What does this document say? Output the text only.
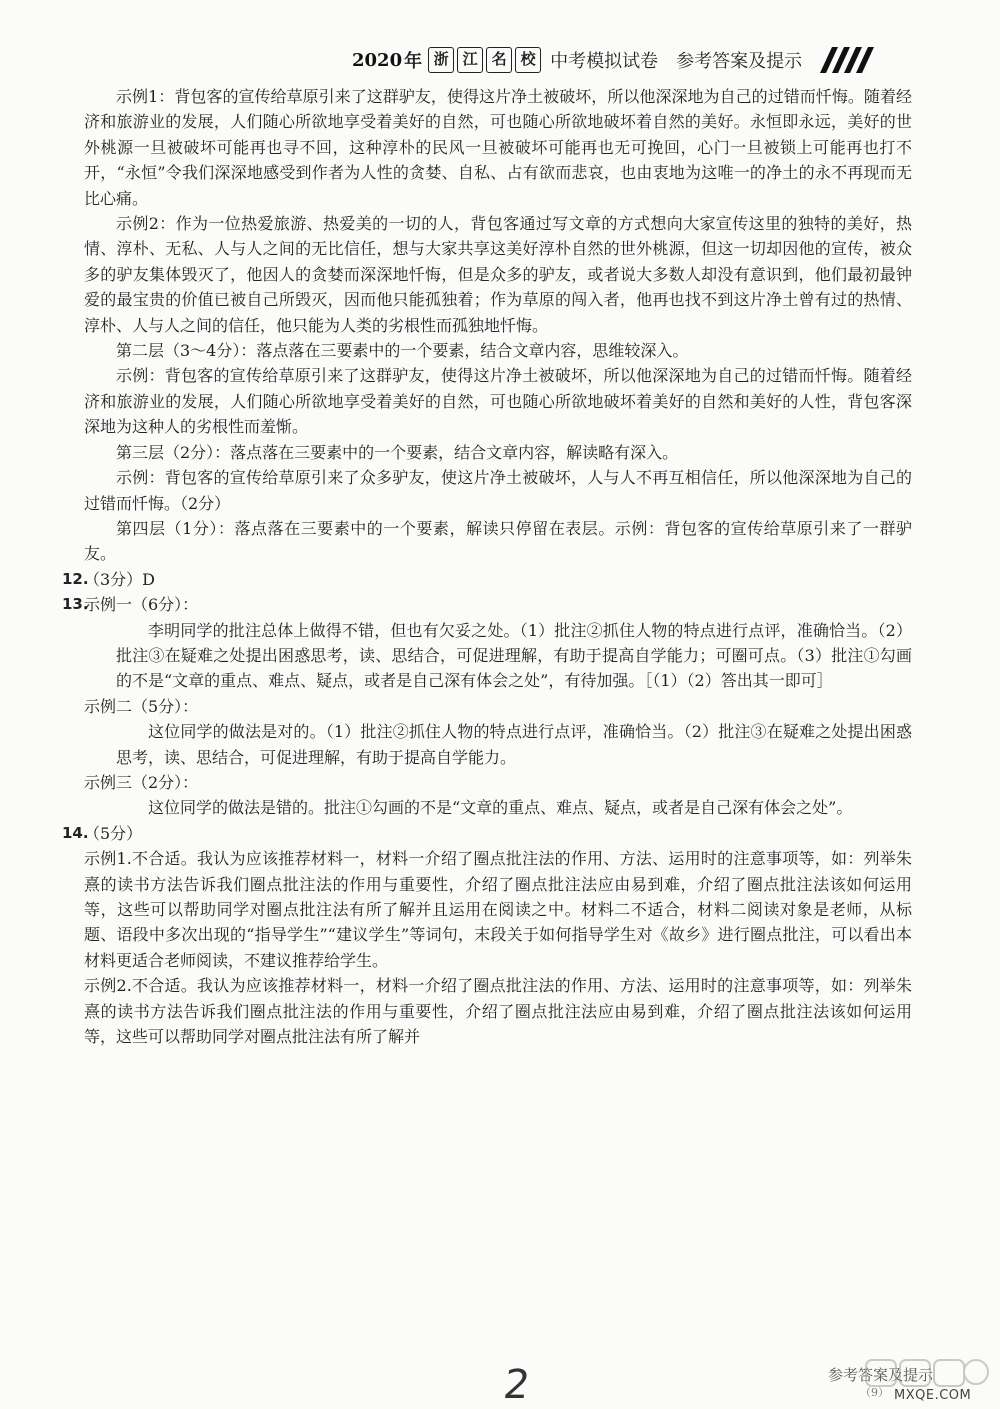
2020 年 浙 江 名 校 中考模拟试卷 参考答案及提示

示例1：背包客的宣传给草原引来了这群驴友，使得这片净土被破坏，所以他深深地为自己的过错而忏悔。随着经济和旅游业的发展，人们随心所欲地享受着美好的自然，可也随心所欲地破坏着自然的美好。永恒即永远，美好的世外桃源一旦被破坏可能再也寻不回，这种淳朴的民风一旦被破坏可能再也无可挽回，心门一旦被锁上可能再也打不开，“永恒”令我们深深地感受到作者为人性的贪婪、自私、占有欲而悲哀，也由衷地为这唯一的净土的永不再现而无比心痛。

示例2：作为一位热爱旅游、热爱美的一切的人，背包客通过写文章的方式想向大家宣传这里的独特的美好，热情、淳朴、无私、人与人之间的无比信任，想与大家共享这美好淳朴自然的世外桃源，但这一切却因他的宣传，被众多的驴友集体毁灭了，他因人的贪婪而深深地忏悔，但是众多的驴友，或者说大多数人却没有意识到，他们最初最钟爱的最宝贵的价值已被自己所毁灭，因而他只能孤独着；作为草原的闯入者，他再也找不到这片净土曾有过的热情、淳朴、人与人之间的信任，他只能为人类的劣根性而孤独地忏悔。

第二层（3～4分）：落点落在三要素中的一个要素，结合文章内容，思维较深入。

示例：背包客的宣传给草原引来了这群驴友，使得这片净土被破坏，所以他深深地为自己的过错而忏悔。随着经济和旅游业的发展，人们随心所欲地享受着美好的自然，可也随心所欲地破坏着美好的自然和美好的人性，背包客深深地为这种人的劣根性而羞惭。

第三层（2分）：落点落在三要素中的一个要素，结合文章内容，解读略有深入。

示例：背包客的宣传给草原引来了众多驴友，使这片净土被破坏，人与人不再互相信任，所以他深深地为自己的过错而忏悔。（2分）

第四层（1分）：落点落在三要素中的一个要素，解读只停留在表层。示例：背包客的宣传给草原引来了一群驴友。

12.
（3分）D

13.
示例一（6分）：

李明同学的批注总体上做得不错，但也有欠妥之处。（1）批注②抓住人物的特点进行点评，准确恰当。（2）批注③在疑难之处提出困惑思考，读、思结合，可促进理解，有助于提高自学能力；可圈可点。（3）批注①勾画的不是“文章的重点、难点、疑点，或者是自己深有体会之处”，有待加强。［（1）（2）答出其一即可］

示例二（5分）：

这位同学的做法是对的。（1）批注②抓住人物的特点进行点评，准确恰当。（2）批注③在疑难之处提出困惑思考，读、思结合，可促进理解，有助于提高自学能力。

示例三（2分）：

这位同学的做法是错的。批注①勾画的不是“文章的重点、难点、疑点，或者是自己深有体会之处”。

14.
（5分）

示例1.不合适。我认为应该推荐材料一，材料一介绍了圈点批注法的作用、方法、运用时的注意事项等，如：列举朱熹的读书方法告诉我们圈点批注法的作用与重要性，介绍了圈点批注法应由易到难，介绍了圈点批注法该如何运用等，这些可以帮助同学对圈点批注法有所了解并且运用在阅读之中。材料二不适合，材料二阅读对象是老师，从标题、语段中多次出现的“指导学生”“建议学生”等词句，末段关于如何指导学生对《故乡》进行圈点批注，可以看出本材料更适合老师阅读，不建议推荐给学生。

示例2.不合适。我认为应该推荐材料一，材料一介绍了圈点批注法的作用、方法、运用时的注意事项等，如：列举朱熹的读书方法告诉我们圈点批注法的作用与重要性，介绍了圈点批注法应由易到难，介绍了圈点批注法该如何运用等，这些可以帮助同学对圈点批注法有所了解并

2	参考答案及提示
（9） MXQE.COM
